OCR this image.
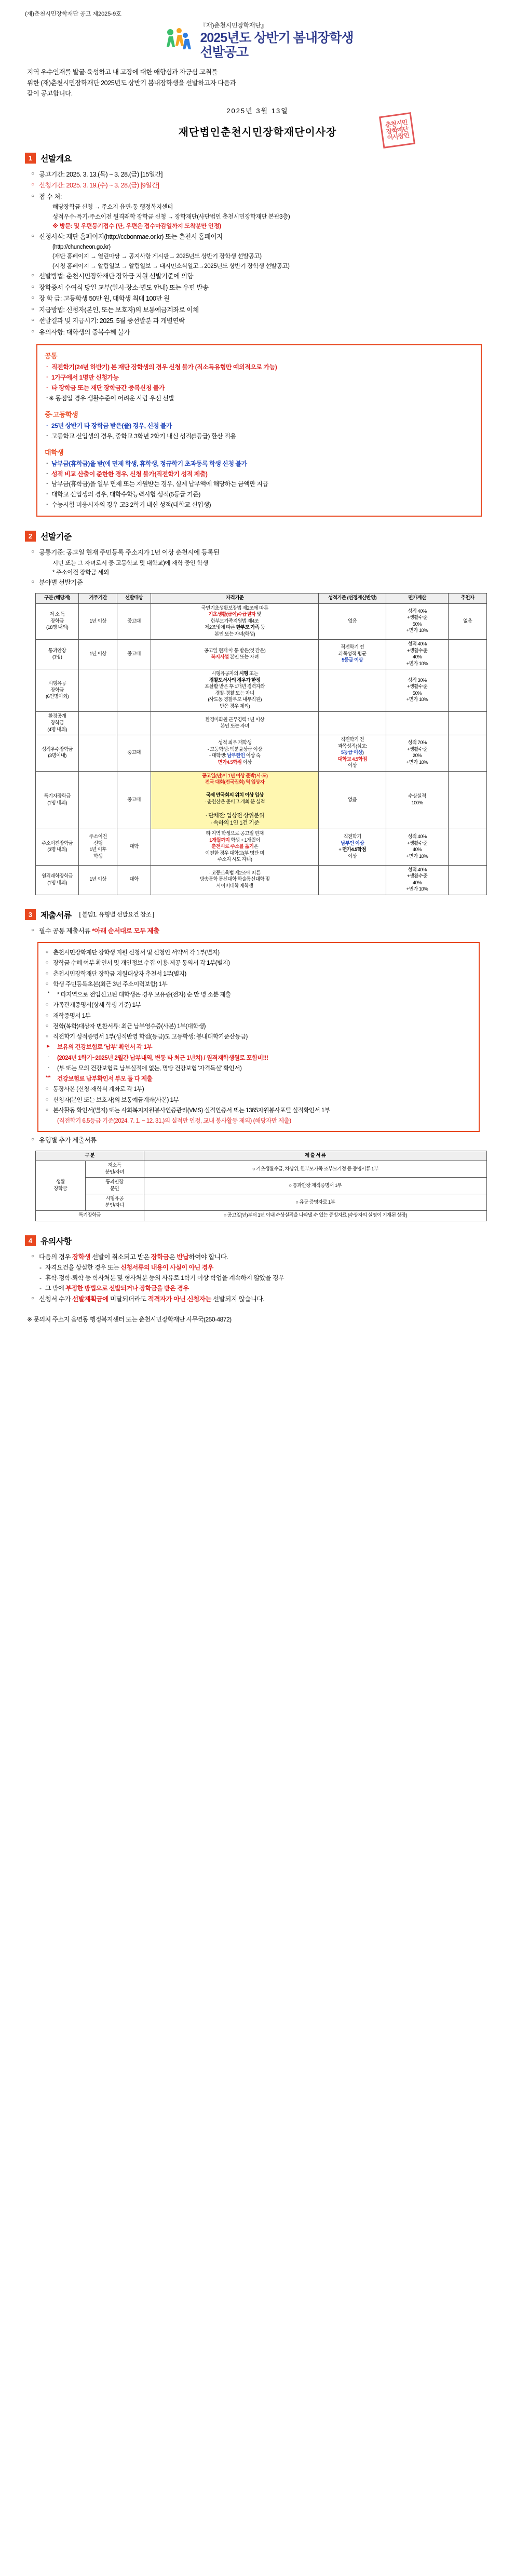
(재)춘천시민장학재단 공고 제2025-9호
『재)춘천시민장학재단』
2025년도 상반기 봄내장학생
선발공고
지역 우수인재를 발굴·육성하고 내 고장에 대한 애향심과 자긍심 고취를
위한 (재)춘천시민장학재단 2025년도 상반기 봄내장학생을 선발하고자 다음과
같이 공고합니다.
2025년 3월 13일
재단법인춘천시민장학재단이사장
춘천시민장학재단이사장인
1 선발개요
○ 공고기간: 2025. 3. 13.(목) ~ 3. 28.(금) [15일간]
○ 신청기간: 2025. 3. 19.(수) ~ 3. 28.(금) [9일간]
○ 접 수 처:
해당장학금 신청 → 주소지 읍면·동 행정복지센터
성적우수·특기·주소이전 원격래학 장학금 신청 → 장학재단(사단법인 춘천시민장학재단 본관3층)
※ 방문: 및 우편등기접수 (단, 우편은 접수마감일까지 도착분만 인정)
○ 신청서식: 재단 홈페이지(http://ccbonmae.or.kr) 또는 춘천시 홈페이지
(http://chuncheon.go.kr)
(재단 홈페이지 → 열린마당 → 공지사항 게시판→ 2025년도 상반기 장학생 선발공고)
(시청 홈페이지 → 알림일보 → 알림일보 → 대시민소식일고→2025년도 상반기 장학생 선발공고)
○ 선발방법: 춘천시민장학재단 장학금 지원 선발기준에 의함
○ 장학증서 수여식 당일 교부(일시·장소·별도 안내) 또는 우편 발송
○ 장 학 금: 고등학생 50만 원, 대학생 최대 100만 원
○ 지급방법: 신청자(본인, 또는 보호자)의 보통예금계좌로 이체
○ 선발결과 및 지급시기: 2025. 5월 중선발분 과 개별연락
○ 유의사항: 대학생의 중복수혜 불가
공통
· 직전학기(24년 하반기) 본 재단 장학생의 경우 신청 불가 (직소득유형만 예외적으로 가능)
· 1가구에서 1명만 신청가능
· 타 장학금 또는 재단 장학금간 중복신청 불가
· ※ 동점일 경우 생활수준이 어려운 사람 우선 선발
중·고등학생
· 25년 상반기 타 장학금 받은(줄) 경우, 신청 불가
· 고등학교 신입생의 경우, 중학교 3학년 2학기 내신 성적(5등급) 환산 적용
대학생
· 남부금(휴학금)을 받(에 면제 학생, 휴학생, 정규학기 초과동록 학생 신청 불가
· 성적 비교 산출이 준한한 경우, 신청 불가(직전학기 성적 제출)
· 남부금(휴학금)을 일부 면제 또는 지원받는 경우, 실제 납부액에 해당하는 금액만 지급
· 대학교 신입생의 경우, 대학수학능력시험 성적(5등급 기준)
· 수능시험 미응시자의 경우 고3 2학기 내신 성적(대학교 신입생)
2 선발기준
○ 공통기준: 공고일 현재 주민등록 주소지가 1년 이상 춘천시에 등록된
시민 또는 그 자녀로서 중·고등학교 및 대학교)에 재학 중인 학생
* 주소이전 장학금 세외
○ 분야별 선발기준
구분 (해당계)	거주기간	선발대상	자격기준	성적기준 (선정계산반영)	면가계산	추천자
저 소 득
장학금
(18명 내외)	1년 이상	중고대	국민기초생활보장법 제2조에 따른
기초생활(급여)수급권자 및
한부모가족지원법 제4조
제2조및에 따른 한부모 가족 등
본인 또는 자녀(학생)	없음	성적 40%
+생활수준
50%
+면가 10%	없음
통과안장
(1명)	1년 이상	중고대	공고일 현재 아 통 받은(것 같은)
복지시설 본인 또는 자녀	직전학기 전
과목성적 평균
5등급 이상	성적 40%
+생활수준
40%
+면가 10%	
시형유공
장학금
(6인명이외)			시형유공자의 시형 또는
경찰도서사의 경우가 한정
포살활 받은 후 1개년 경력자와
경찰·경찰 또는 자녀
(사도동 경찰부모 내부직원)
반은 경우 제외)		성적 30%
+생활수준
50%
+면가 10%	
환경공개
장학금
(4명 내외)			환경미화원 근무경력 1년 이상
본인 또는 자녀			
성적우수장학금
(3명이내)		중고대	성적 최우 재학생
- 고등학생: 백분율상급 이상
- 대학생: 남부한인 이상 숙
면가4.5학점 이상	직전학기 전
과목성적(심고:
5등급 이상)
대학교 4.5학점
이상	성적 70%
+생활수준
20%
+면가 10%	
특기자장학금
(1명 내외)		중고대	공고일(년)이 1년 이상 준박(시·도)
전국 대회(전국권회) 역 입상자

국제 만국회의 위치 이상 입상
- 춘천산은 준비고 개최 분 실적

· 단체전: 입상전 상위분위
· 속하의 1인 1건 기준	없음	수상실적
100%	
주소이전장학금
(3명 내외)	주소이전
선행
1년 이후
학생	대학	타 지역 학생으로 공고일 현재
1개월까지 학생 + 1개월이
춘천시로 주소를 옮기온
이전한 경우 대학교(부 명단 미
주소지 시도 자녀)	직전학기
남부인 이상
+ 면가4.5학점
이상	성적 40%
+생활수준
40%
+면가 10%	
원격래학장학금
(1명 내외)	1년 이상	대학	· 고등교육법 제2조에 따른
방송통학 통신대학 학술통신대학 및
사이버대학 재학생		성적 40%
+생활수준
40%
+면가 10%	
3 제출서류 [ 붙임1. 유형별 선발요건 참조 ]
○ 필수 공통 제출서류 *아래 순서대로 모두 제출
○ 춘천시민장학재단 장학생 지원 신청서 및 신청인 서약서 각 1부(별지)
○ 장학금 수혜 여부 확인서 및 개인정보 수집·이용·제공 동의서 각 1부(별지)
○ 춘천시민장학재단 장학금 지원대상자 추천서 1부(별지)
○ 학생 주민등록초본(최근 3년 주소이력보함) 1부
* * 타지역으로 전입신고된 대학생은 경우 보유증(전자) 순 만 명 소분 제출
○ 가족관계증명서(상세 학생 기준) 1부
○ 재학증명서 1부
○ 전학(복학)대상자 변환서류: 최근 납부영수증(사본) 1부(대학생)
○ 직전학기 성적증명서 1부(성적반영 학점(등급)도 고등학생: 봉내대학기준산등급)
▶ 보유의 건강보험료 '납부' 확인서 각 1부
- (2024년 1학기~2025년 2월간 납부내역, 변동 타 최근 1년치) / 원격재학생원로 포함비!!!
- (부 또는 모의 건강보험료 납부실적에 없는, 명당 건강보험 '자격득실' 확인서)
*** 건강보험료 납부확인서 부모 둘 다 제출
○ 통장사본 (신청·재학식 계좌로 각 1부)
○ 신청자(본인 또는 보호자)의 보통예금계좌(사본) 1부
○ 본사활동 확인서(별지) 또는 사회복지자원봉사인증관리(VMS) 실적인증서 또는 1365자원봉사포털 실적확인서 1부
(직전학기 6.5등급 기준(2024. 7. 1. ~ 12. 31.)의 실적만 인정, 교내 봉사활동 제외) (해당자만 제출)
○ 유형별 추가 제출서류
구 분		제 출 서 류
생활
장학금	저소득
분인/자녀	○ 기초생활수급, 차상위, 한부모가족 조부모기정 등 증명서류 1부
	통과안장
분인	○ 통과안장 재직증명서 1부
	시형유공
분인/자녀	○ 유공 증명자료 1부
특기장학금		○ 공고일(년)부터 1년 이내 수상실적을 나타낼 수 있는 증빙자료 (수상자의 실명이 기재된 상장)
4 유의사항
○ 다음의 경우 장학생 선발이 취소되고 받은 장학금은 반납하여야 합니다.
- 자격요건을 상실한 경우 또는 신청서류의 내용이 사실이 아닌 경우
- 휴학·정학·퇴학 등 학사처분 및 형사처분 등의 사유로 1학기 이상 학업을 계속하지 않았을 경우
- 그 밖에 부정한 방법으로 선발되거나 장학금을 받은 경우
○ 신청서 수가 선발계획금에 미달되더라도 적격자가 아닌 신청자는 선발되지 않습니다.
※ 문의처 주소지 읍면동 행정복지센터 또는 춘천시민장학재단 사무국(250-4872)
